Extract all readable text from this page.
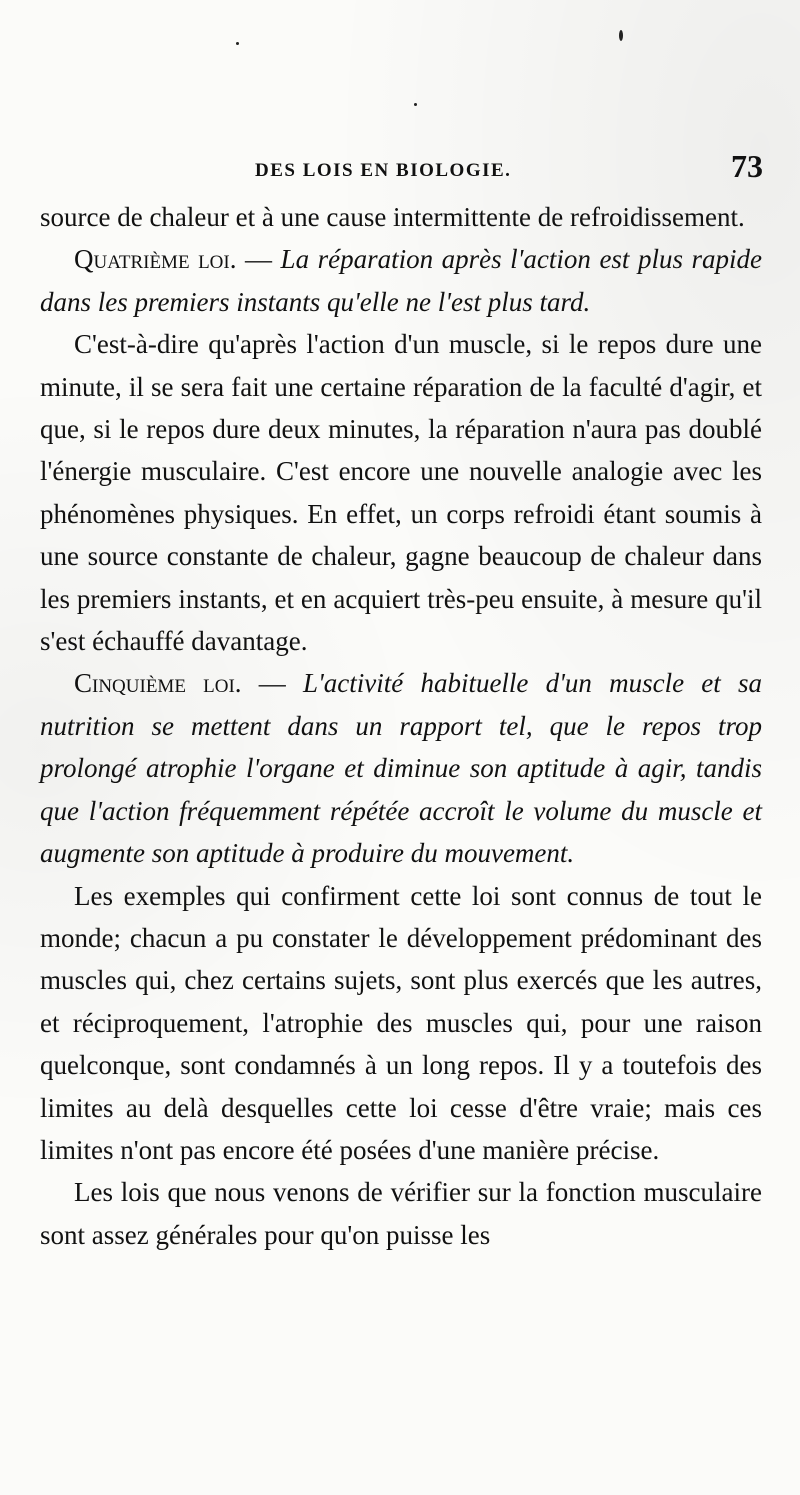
DES LOIS EN BIOLOGIE.	73

source de chaleur et à une cause intermittente de refroidissement.

Quatrième loi. — La réparation après l'action est plus rapide dans les premiers instants qu'elle ne l'est plus tard.

C'est-à-dire qu'après l'action d'un muscle, si le repos dure une minute, il se sera fait une certaine réparation de la faculté d'agir, et que, si le repos dure deux minutes, la réparation n'aura pas doublé l'énergie musculaire. C'est encore une nouvelle analogie avec les phénomènes physiques. En effet, un corps refroidi étant soumis à une source constante de chaleur, gagne beaucoup de chaleur dans les premiers instants, et en acquiert très-peu ensuite, à mesure qu'il s'est échauffé davantage.

Cinquième loi. — L'activité habituelle d'un muscle et sa nutrition se mettent dans un rapport tel, que le repos trop prolongé atrophie l'organe et diminue son aptitude à agir, tandis que l'action fréquemment répétée accroît le volume du muscle et augmente son aptitude à produire du mouvement.

Les exemples qui confirment cette loi sont connus de tout le monde; chacun a pu constater le développement prédominant des muscles qui, chez certains sujets, sont plus exercés que les autres, et réciproquement, l'atrophie des muscles qui, pour une raison quelconque, sont condamnés à un long repos. Il y a toutefois des limites au delà desquelles cette loi cesse d'être vraie; mais ces limites n'ont pas encore été posées d'une manière précise.

Les lois que nous venons de vérifier sur la fonction musculaire sont assez générales pour qu'on puisse les
